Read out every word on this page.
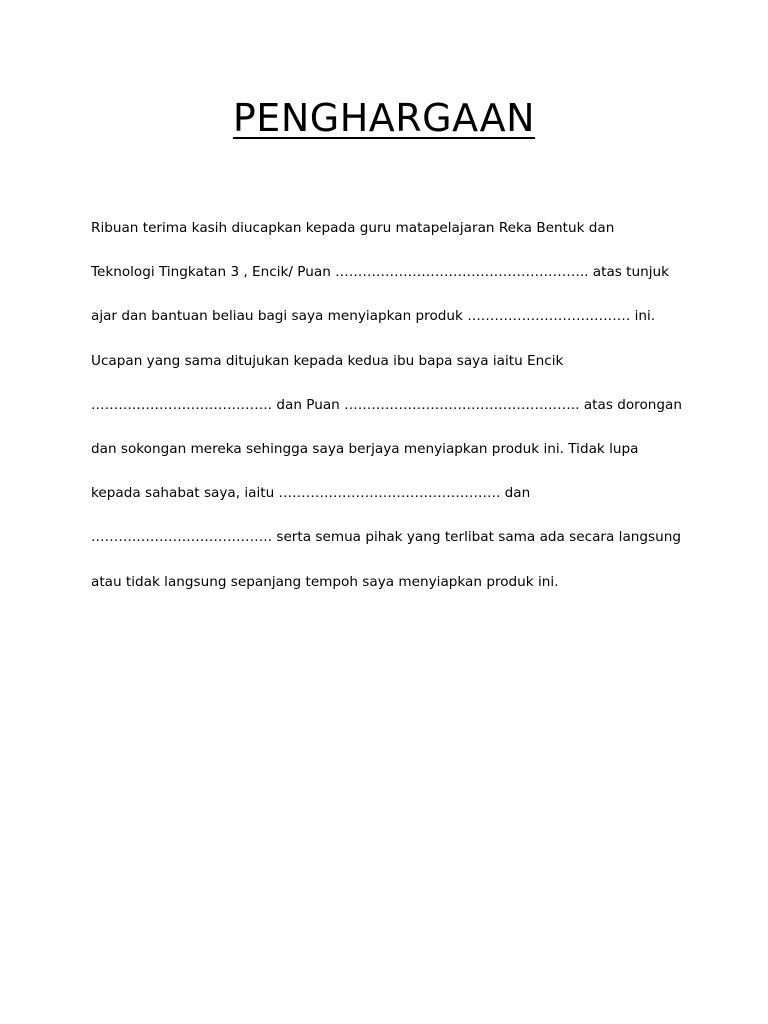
PENGHARGAAN
Ribuan terima kasih diucapkan kepada guru matapelajaran Reka Bentuk dan
Teknologi Tingkatan 3 , Encik/ Puan ……………………………………………….. atas tunjuk
ajar dan bantuan beliau bagi saya menyiapkan produk ……………………………… ini.
Ucapan yang sama ditujukan kepada kedua ibu bapa saya iaitu Encik
…………………………………. dan Puan ……………………………………………. atas dorongan
dan sokongan mereka sehingga saya berjaya menyiapkan produk ini. Tidak lupa
kepada sahabat saya, iaitu …………………………………………. dan
…………………………………. serta semua pihak yang terlibat sama ada secara langsung
atau tidak langsung sepanjang tempoh saya menyiapkan produk ini.
